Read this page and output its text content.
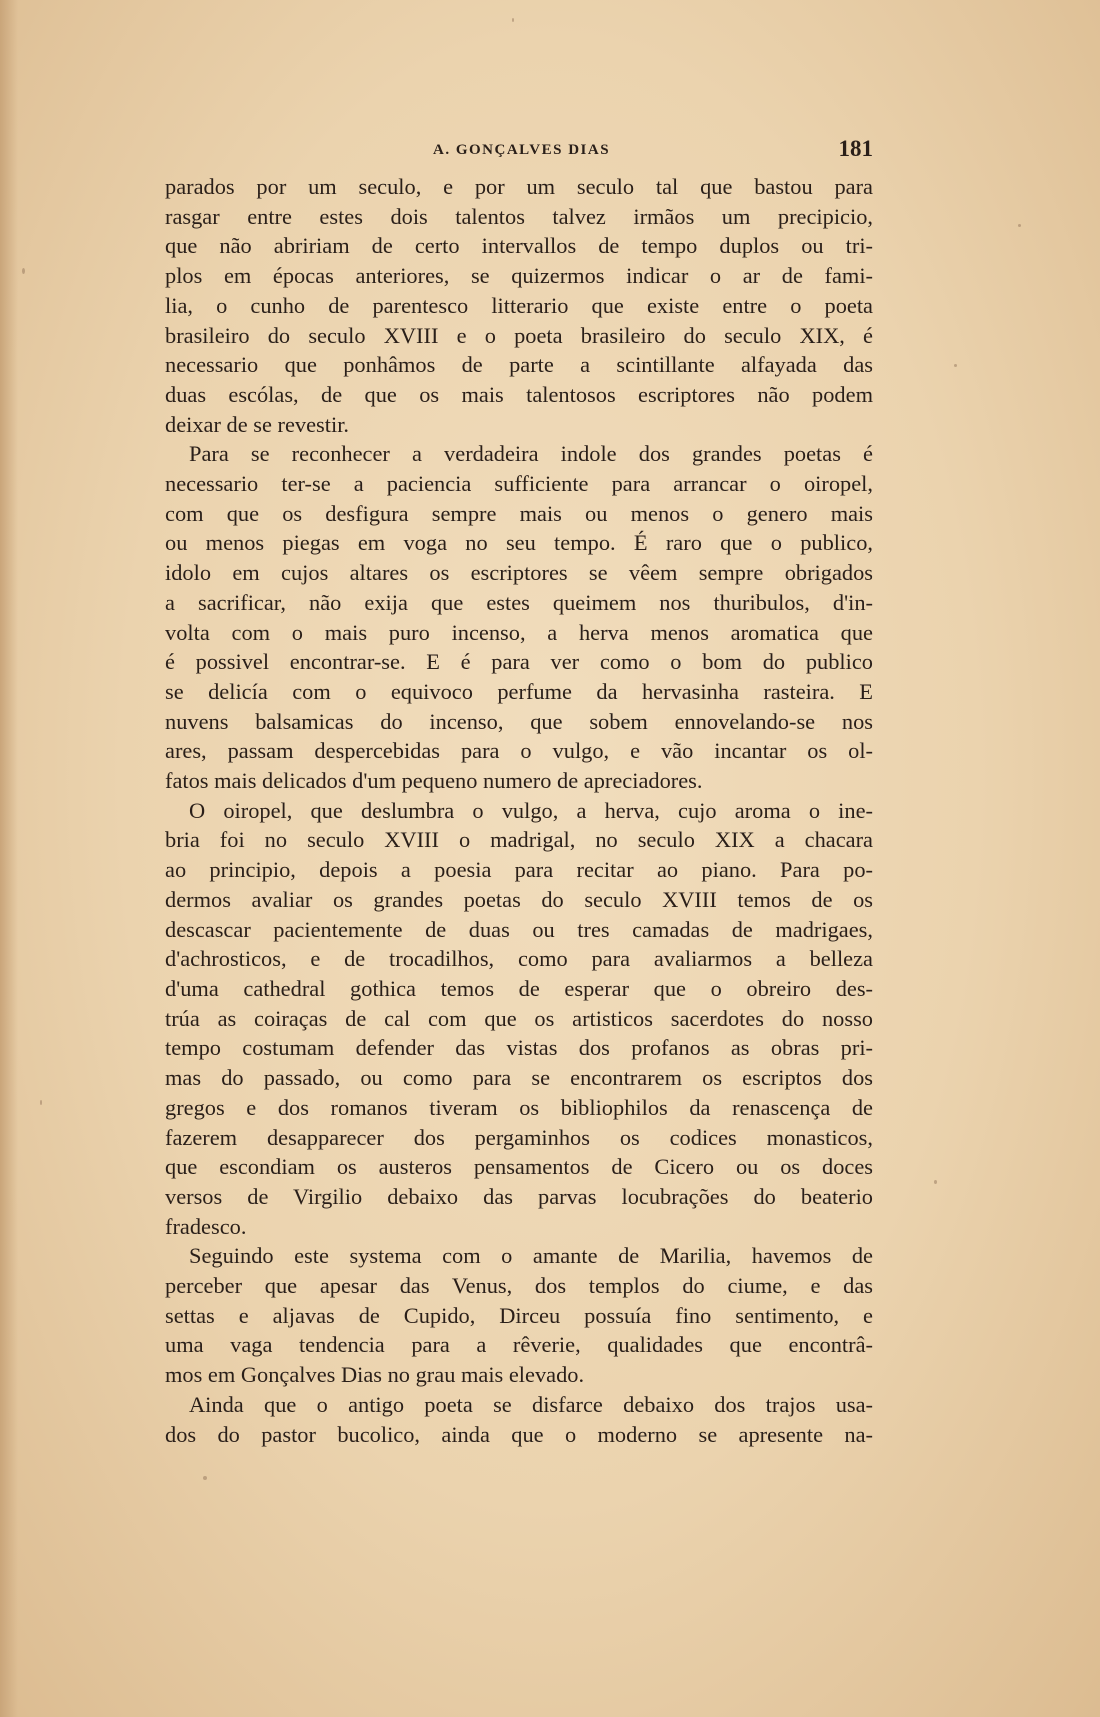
A. GONÇALVES DIAS	181
parados por um seculo, e por um seculo tal que bastou para
rasgar entre estes dois talentos talvez irmãos um precipicio,
que não abririam de certo intervallos de tempo duplos ou tri-
plos em épocas anteriores, se quizermos indicar o ar de fami-
lia, o cunho de parentesco litterario que existe entre o poeta
brasileiro do seculo XVIII e o poeta brasileiro do seculo XIX, é
necessario que ponhâmos de parte a scintillante alfayada das
duas escólas, de que os mais talentosos escriptores não podem
deixar de se revestir.
Para se reconhecer a verdadeira indole dos grandes poetas é
necessario ter-se a paciencia sufficiente para arrancar o oiropel,
com que os desfigura sempre mais ou menos o genero mais
ou menos piegas em voga no seu tempo. É raro que o publico,
idolo em cujos altares os escriptores se vêem sempre obrigados
a sacrificar, não exija que estes queimem nos thuribulos, d'in-
volta com o mais puro incenso, a herva menos aromatica que
é possivel encontrar-se. E é para ver como o bom do publico
se delicía com o equivoco perfume da hervasinha rasteira. E
nuvens balsamicas do incenso, que sobem ennovelando-se nos
ares, passam despercebidas para o vulgo, e vão incantar os ol-
fatos mais delicados d'um pequeno numero de apreciadores.
O oiropel, que deslumbra o vulgo, a herva, cujo aroma o ine-
bria foi no seculo XVIII o madrigal, no seculo XIX a chacara
ao principio, depois a poesia para recitar ao piano. Para po-
dermos avaliar os grandes poetas do seculo XVIII temos de os
descascar pacientemente de duas ou tres camadas de madrigaes,
d'achrosticos, e de trocadilhos, como para avaliarmos a belleza
d'uma cathedral gothica temos de esperar que o obreiro des-
trúa as coiraças de cal com que os artisticos sacerdotes do nosso
tempo costumam defender das vistas dos profanos as obras pri-
mas do passado, ou como para se encontrarem os escriptos dos
gregos e dos romanos tiveram os bibliophilos da renascença de
fazerem desapparecer dos pergaminhos os codices monasticos,
que escondiam os austeros pensamentos de Cicero ou os doces
versos de Virgilio debaixo das parvas locubrações do beaterio
fradesco.
Seguindo este systema com o amante de Marilia, havemos de
perceber que apesar das Venus, dos templos do ciume, e das
settas e aljavas de Cupido, Dirceu possuía fino sentimento, e
uma vaga tendencia para a rêverie, qualidades que encontrâ-
mos em Gonçalves Dias no grau mais elevado.
Ainda que o antigo poeta se disfarce debaixo dos trajos usa-
dos do pastor bucolico, ainda que o moderno se apresente na-
